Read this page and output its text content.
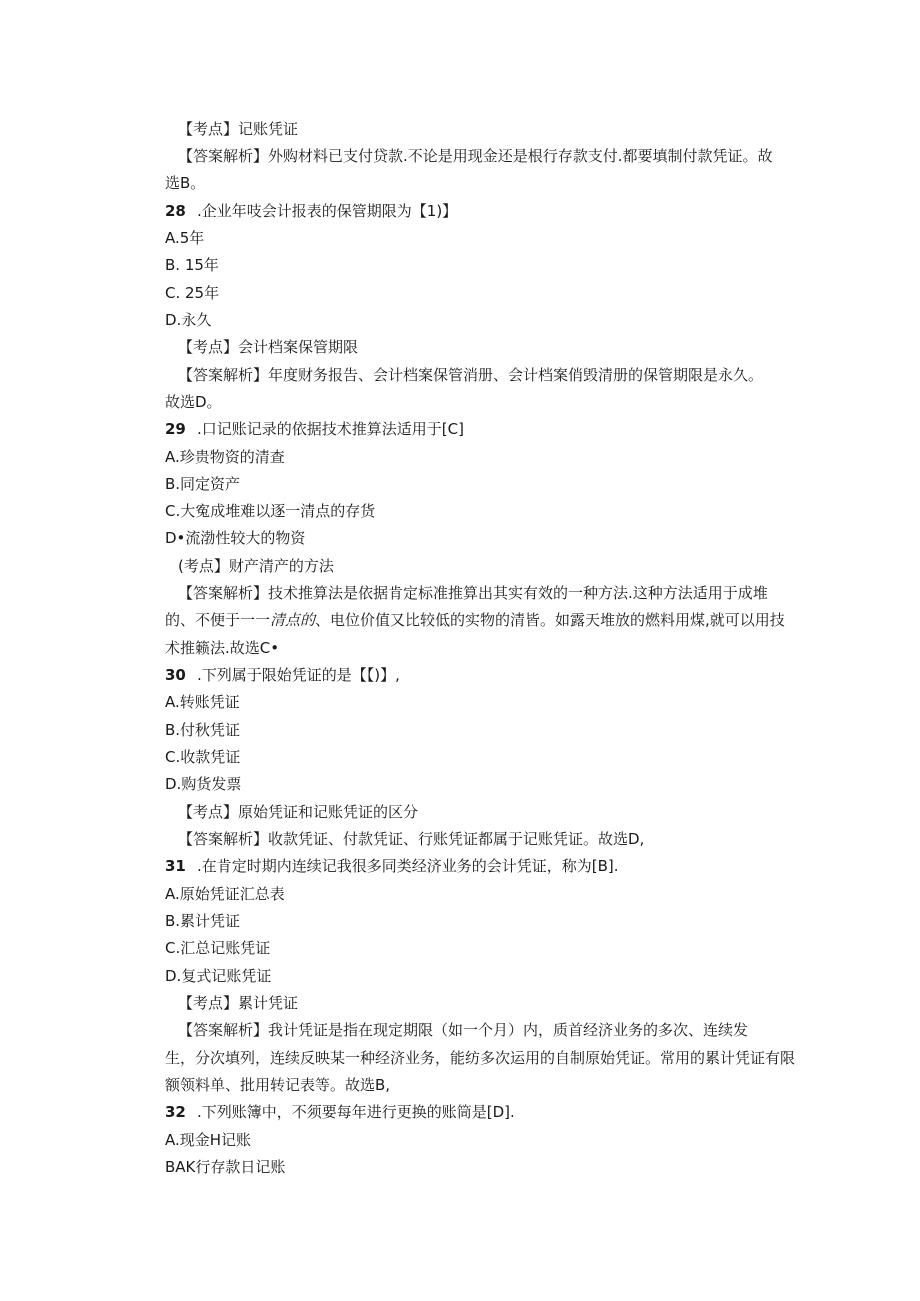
【考点】记账凭证
【答案解析】外购材料已支付贷款.不论是用现金还是根行存款支付.都要填制付款凭证。故
选B。
28 .企业年吱会计报表的保管期限为【1)】
A.5年
B. 15年
C. 25年
D.永久
【考点】会计档案保管期限
【答案解析】年度财务报告、会计档案保管消册、会计档案俏毁清册的保管期限是永久。
故选D。
29 .口记账记录的依据技术推算法适用于[C]
A.珍贵物资的清查
B.同定资产
C.大寃成堆难以逐一清点的存货
D•流渤性较大的物资
(考点】财产清产的方法
【答案解析】技术推算法是依据肯定标准推算出其实有效的一种方法.这种方法适用于成堆
的、不便于一一清点的、电位价值又比较低的实物的清皆。如露天堆放的燃料用煤,就可以用技
术推籁法.故选C•
30 .下列属于限始凭证的是【【)】,
A.转账凭证
B.付秋凭证
C.收款凭证
D.购货发票
【考点】原始凭证和记账凭证的区分
【答案解析】收款凭证、付款凭证、行账凭证都属于记账凭证。故选D,
31 .在肯定时期内连续记我很多同类经济业务的会计凭证，称为[B].
A.原始凭证汇总表
B.累计凭证
C.汇总记账凭证
D.复式记账凭证
【考点】累计凭证
【答案解析】我计凭证是指在现定期限（如一个月）内，质首经济业务的多次、连续发
生，分次填列，连续反映某一种经济业务，能纺多次运用的自制原始凭证。常用的累计凭证有限
额领料单、批用转记表等。故选B,
32 .下列账簿中，不须要每年进行更换的账筒是[D].
A.现金H记账
BAK行存款日记账
